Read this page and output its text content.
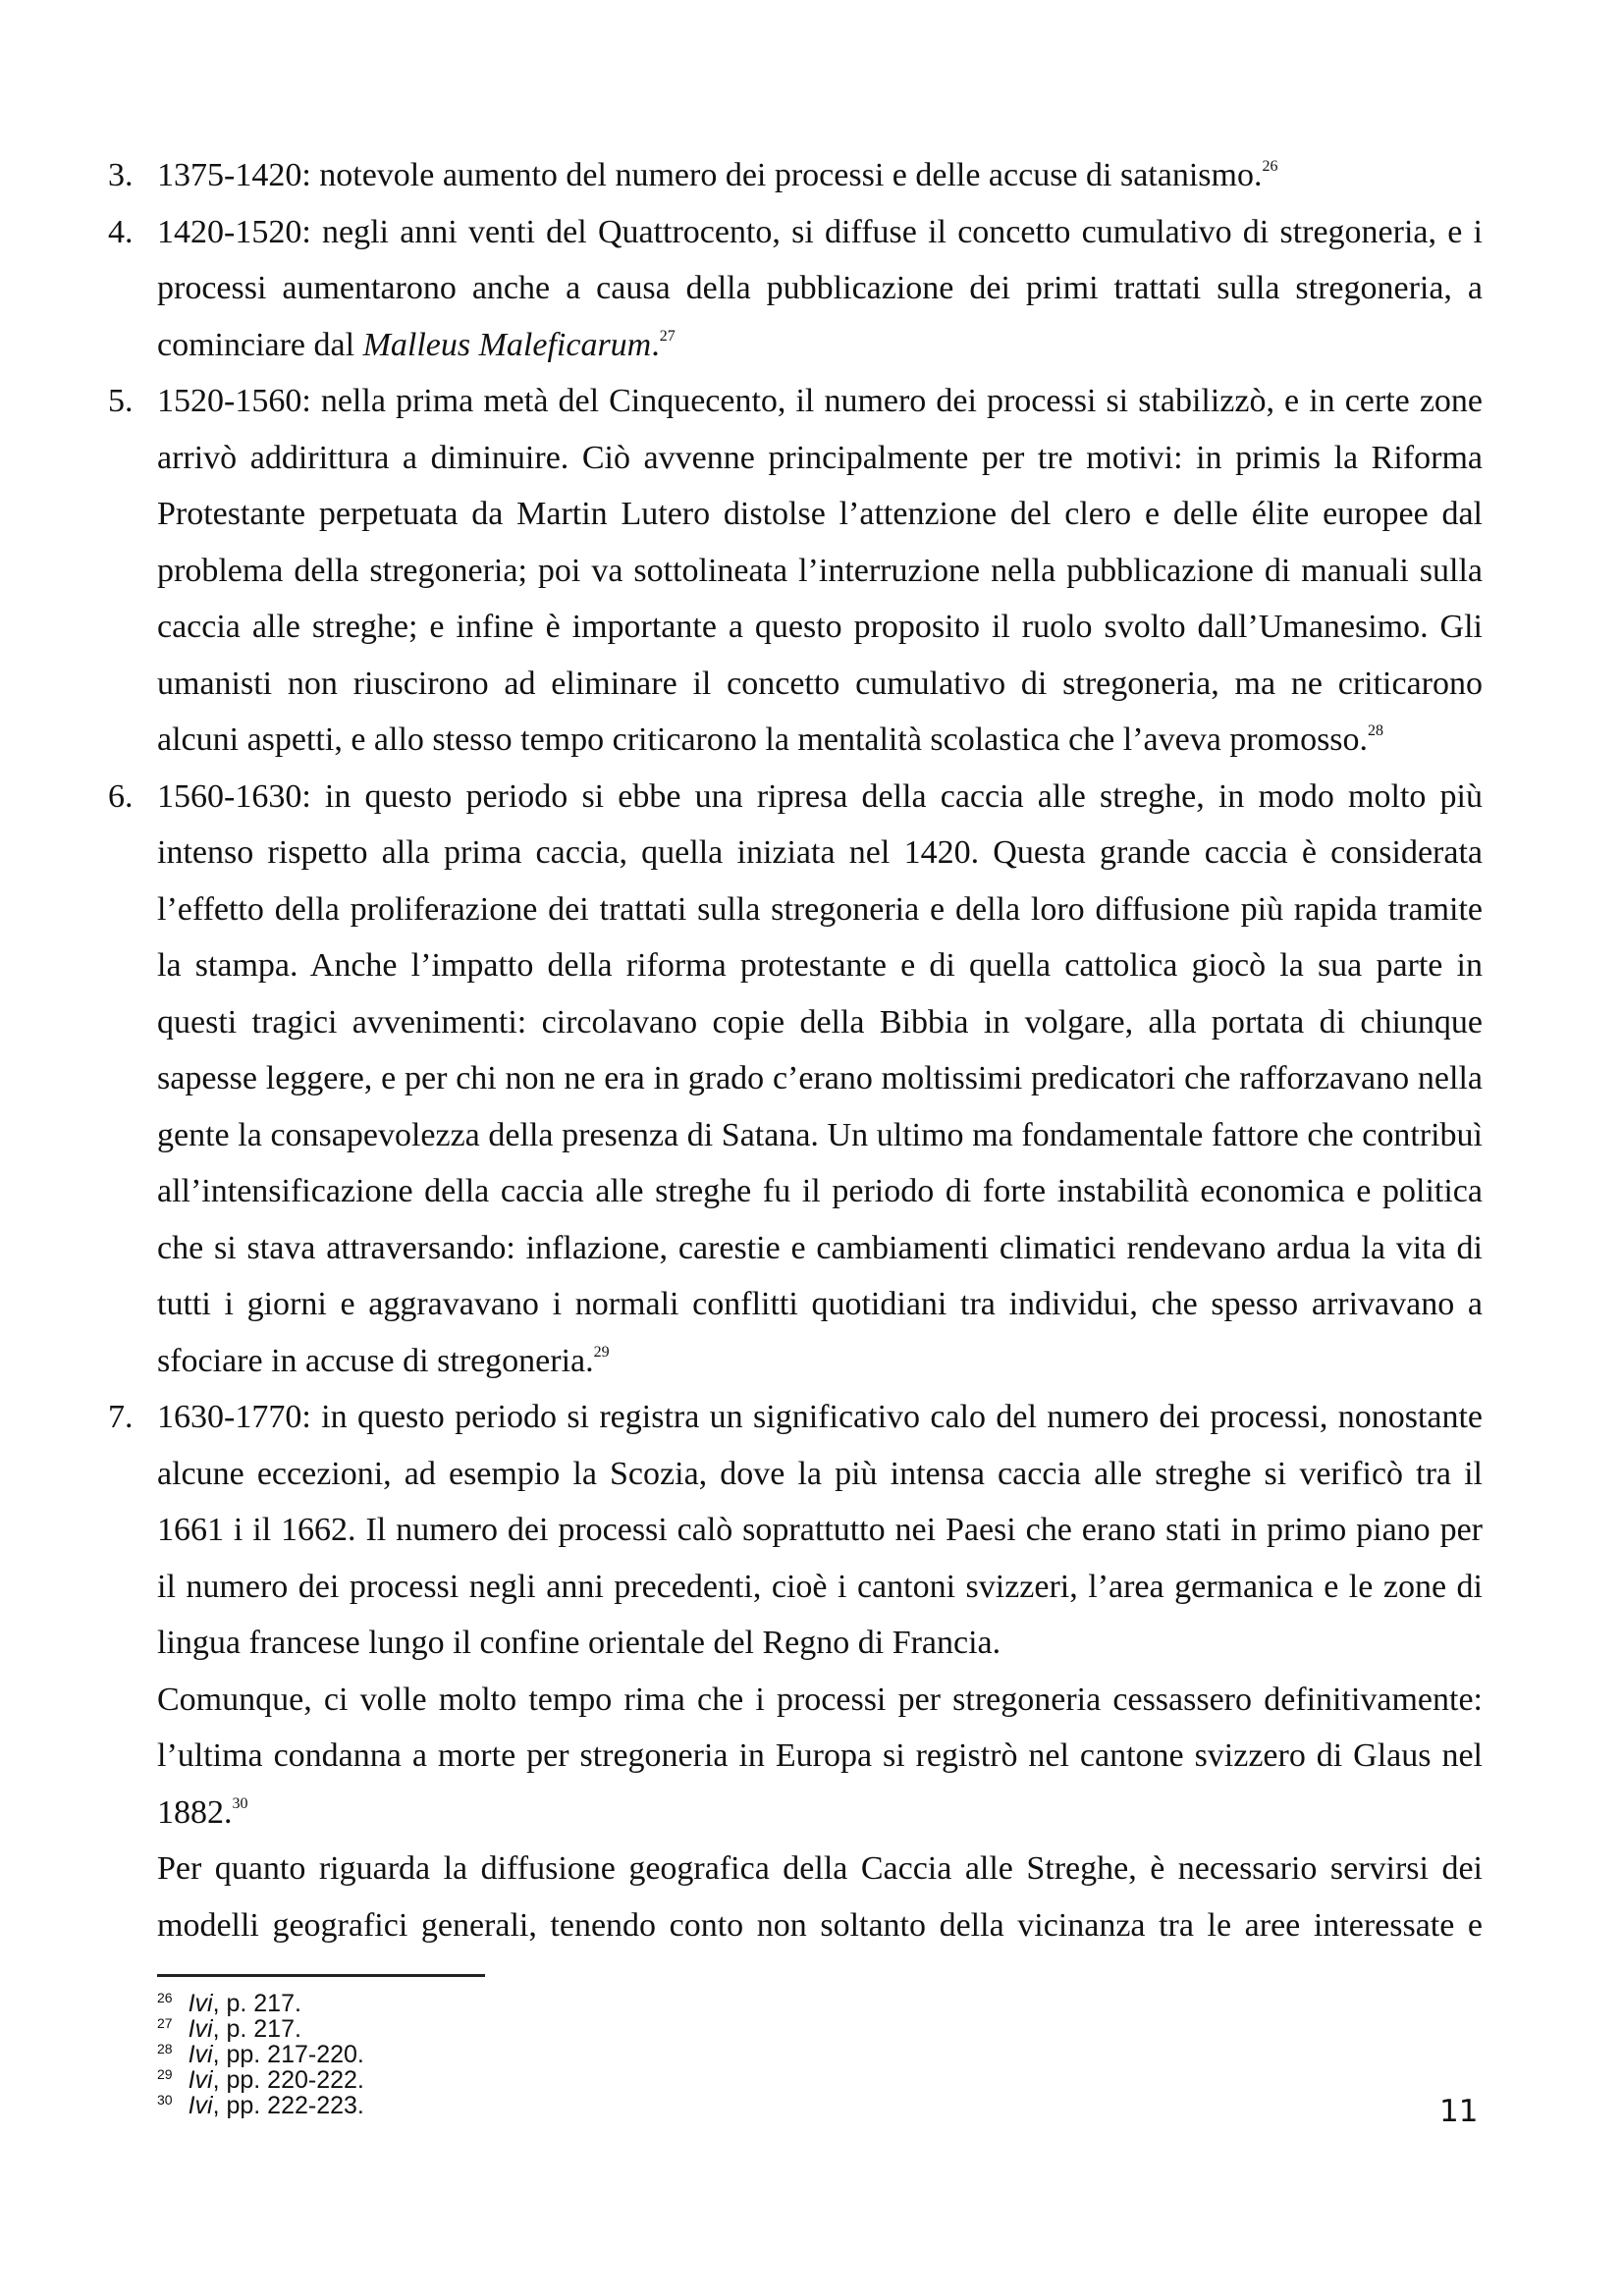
3. 1375-1420: notevole aumento del numero dei processi e delle accuse di satanismo.$^{26}$

4. 1420-1520: negli anni venti del Quattrocento, si diffuse il concetto cumulativo di stregoneria, e i processi aumentarono anche a causa della pubblicazione dei primi trattati sulla stregoneria, a cominciare dal Malleus Maleficarum.$^{27}$

5. 1520-1560: nella prima metà del Cinquecento, il numero dei processi si stabilizzò, e in certe zone arrivò addirittura a diminuire. Ciò avvenne principalmente per tre motivi: in primis la Riforma Protestante perpetuata da Martin Lutero distolse l’attenzione del clero e delle élite europee dal problema della stregoneria; poi va sottolineata l’interruzione nella pubblicazione di manuali sulla caccia alle streghe; e infine è importante a questo proposito il ruolo svolto dall’Umanesimo. Gli umanisti non riuscirono ad eliminare il concetto cumulativo di stregoneria, ma ne criticarono alcuni aspetti, e allo stesso tempo criticarono la mentalità scolastica che l’aveva promosso.$^{28}$

6. 1560-1630: in questo periodo si ebbe una ripresa della caccia alle streghe, in modo molto più intenso rispetto alla prima caccia, quella iniziata nel 1420. Questa grande caccia è considerata l’effetto della proliferazione dei trattati sulla stregoneria e della loro diffusione più rapida tramite la stampa. Anche l’impatto della riforma protestante e di quella cattolica giocò la sua parte in questi tragici avvenimenti: circolavano copie della Bibbia in volgare, alla portata di chiunque sapesse leggere, e per chi non ne era in grado c’erano moltissimi predicatori che rafforzavano nella gente la consapevolezza della presenza di Satana. Un ultimo ma fondamentale fattore che contribuì all’intensificazione della caccia alle streghe fu il periodo di forte instabilità economica e politica che si stava attraversando: inflazione, carestie e cambiamenti climatici rendevano ardua la vita di tutti i giorni e aggravavano i normali conflitti quotidiani tra individui, che spesso arrivavano a sfociare in accuse di stregoneria.$^{29}$

7. 1630-1770: in questo periodo si registra un significativo calo del numero dei processi, nonostante alcune eccezioni, ad esempio la Scozia, dove la più intensa caccia alle streghe si verificò tra il 1661 i il 1662. Il numero dei processi calò soprattutto nei Paesi che erano stati in primo piano per il numero dei processi negli anni precedenti, cioè i cantoni svizzeri, l’area germanica e le zone di lingua francese lungo il confine orientale del Regno di Francia.

Comunque, ci volle molto tempo rima che i processi per stregoneria cessassero definitivamente: l’ultima condanna a morte per stregoneria in Europa si registrò nel cantone svizzero di Glaus nel 1882.30

Per quanto riguarda la diffusione geografica della Caccia alle Streghe, è necessario servirsi dei modelli geografici generali, tenendo conto non soltanto della vicinanza tra le aree interessate e

$^{26}$ Ivi, p. 217.

$^{27}$ Ivi, p. 217.

$^{28}$ Ivi, pp. 217-220.

$^{29}$ Ivi, pp. 220-222.

$^{30}$ Ivi, pp. 222-223.	11
